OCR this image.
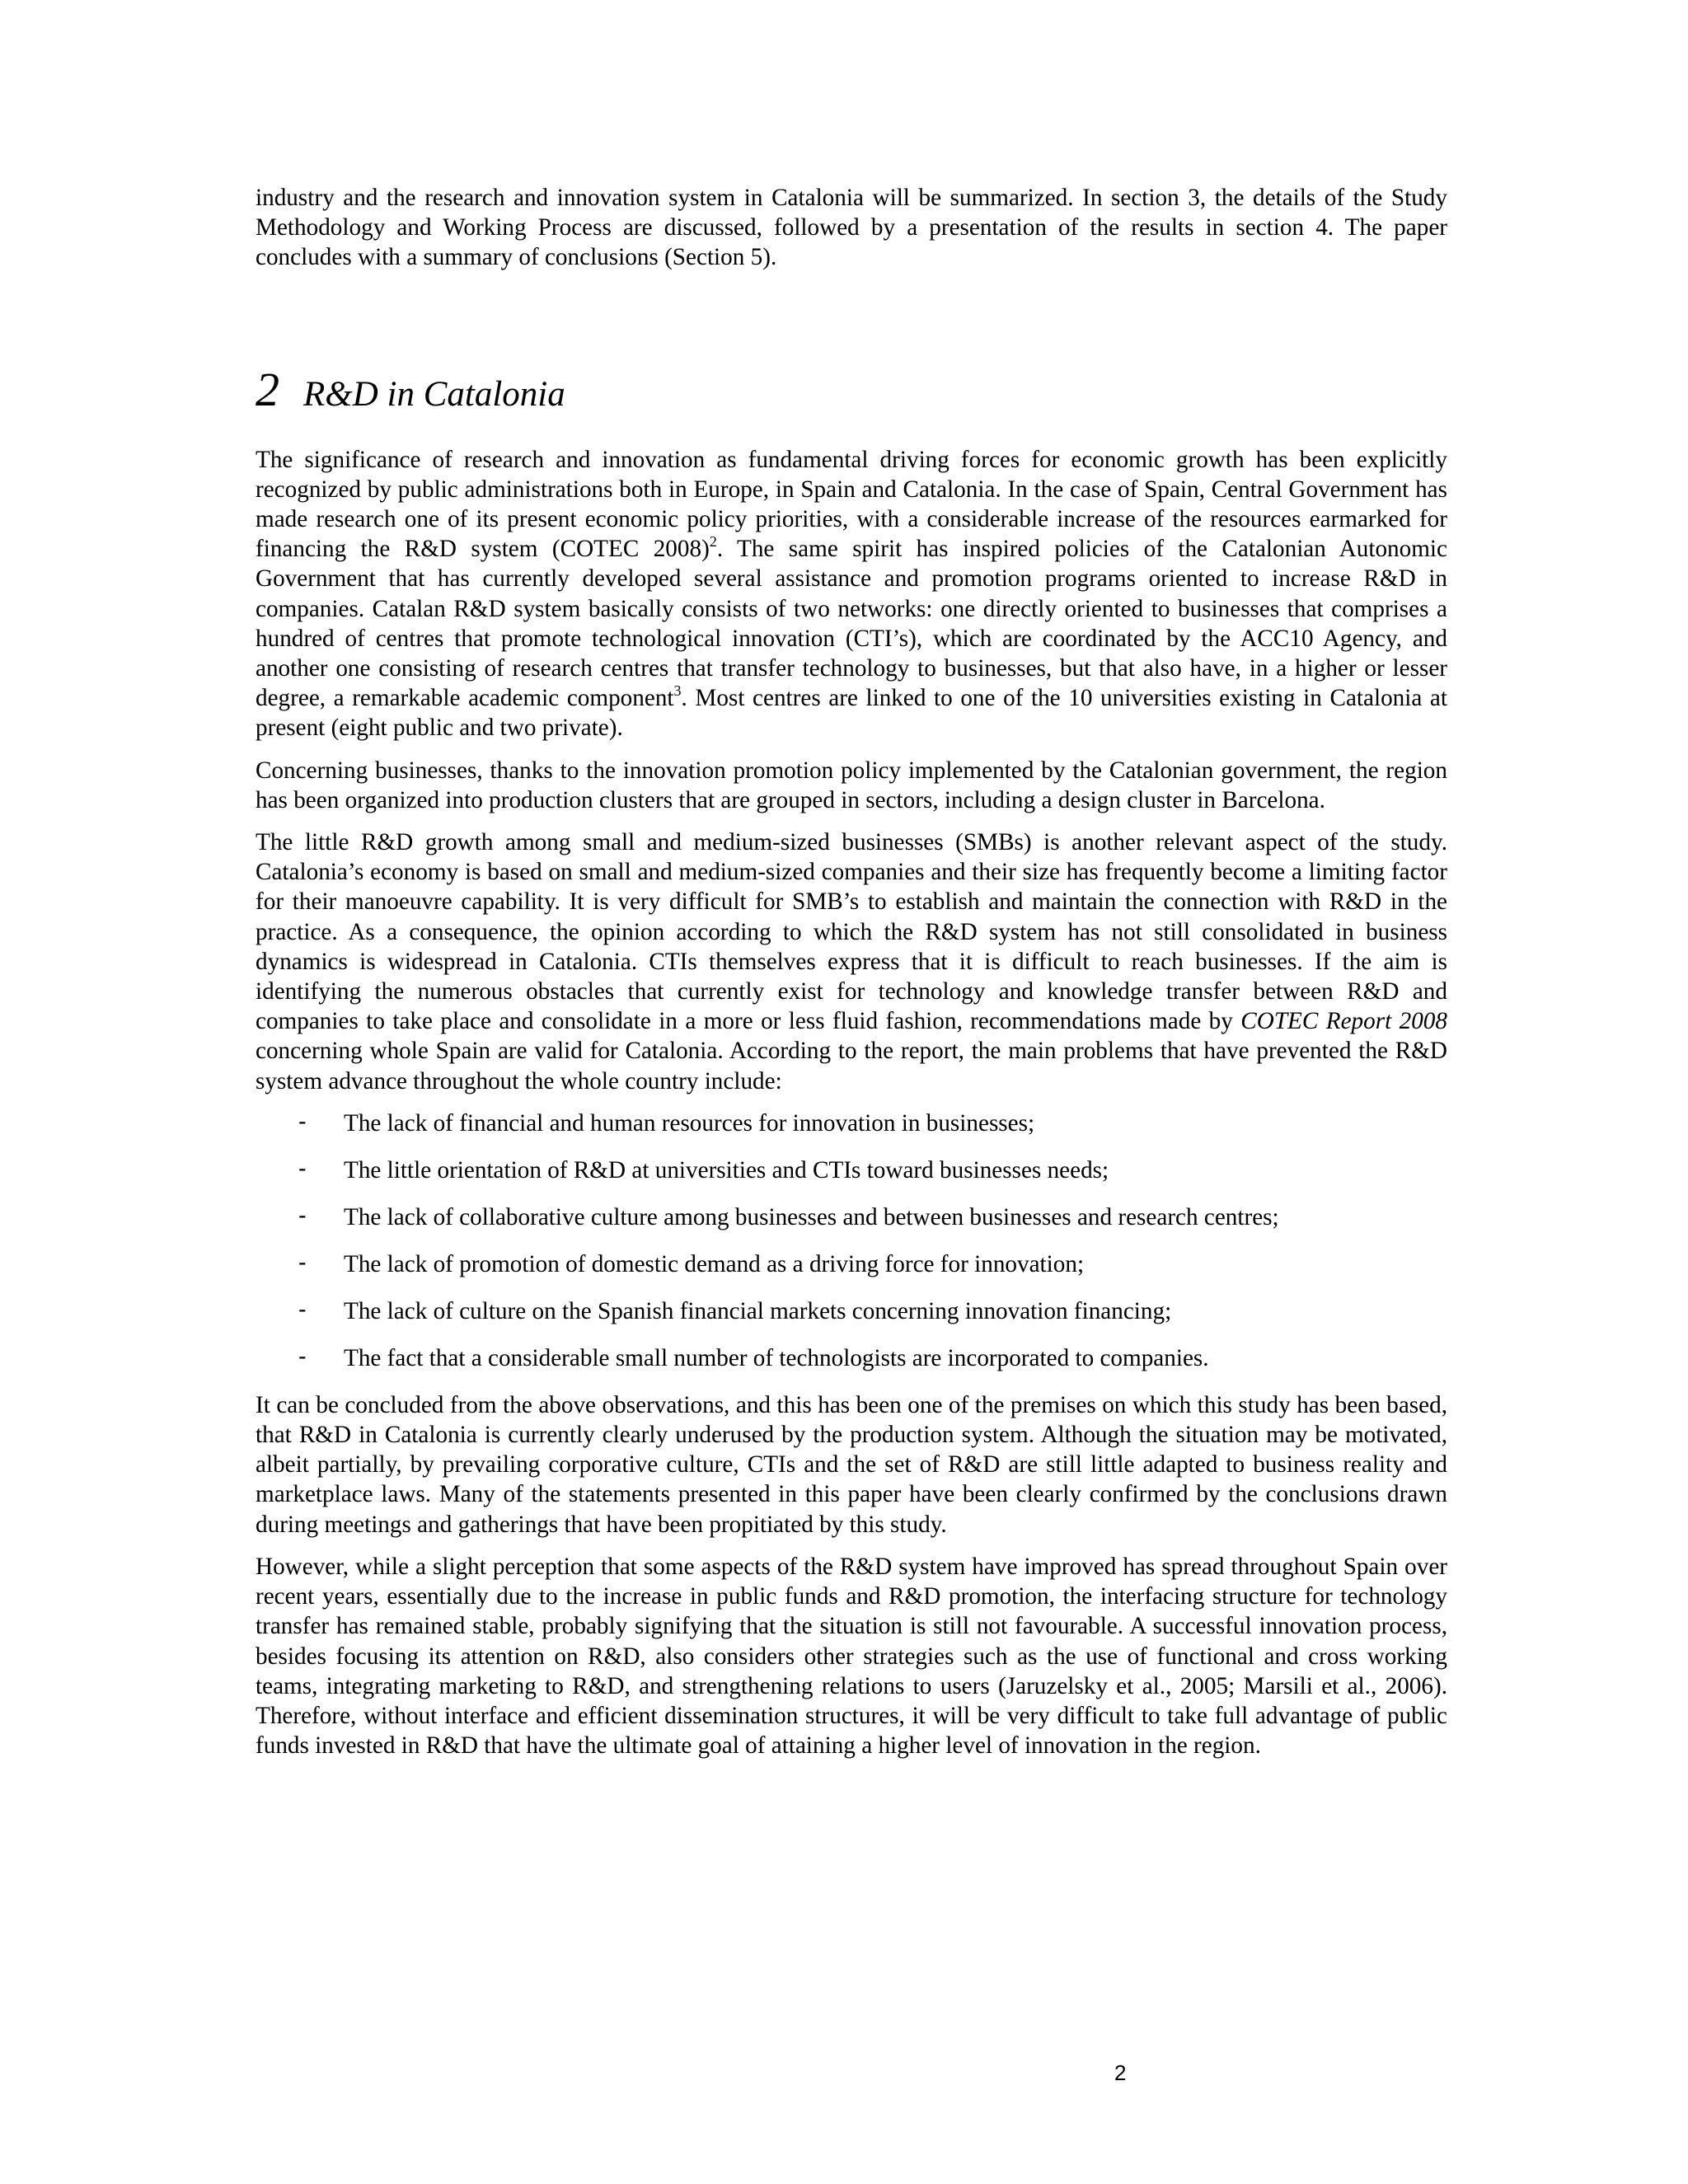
industry and the research and innovation system in Catalonia will be summarized. In section 3, the details of the Study Methodology and Working Process are discussed, followed by a presentation of the results in section 4. The paper concludes with a summary of conclusions (Section 5).

2 R&D in Catalonia

The significance of research and innovation as fundamental driving forces for economic growth has been explicitly recognized by public administrations both in Europe, in Spain and Catalonia. In the case of Spain, Central Government has made research one of its present economic policy priorities, with a considerable increase of the resources earmarked for financing the R&D system (COTEC 2008)$^2$. The same spirit has inspired policies of the Catalonian Autonomic Government that has currently developed several assistance and promotion programs oriented to increase R&D in companies. Catalan R&D system basically consists of two networks: one directly oriented to businesses that comprises a hundred of centres that promote technological innovation (CTI’s), which are coordinated by the ACC10 Agency, and another one consisting of research centres that transfer technology to businesses, but that also have, in a higher or lesser degree, a remarkable academic component$^3$. Most centres are linked to one of the 10 universities existing in Catalonia at present (eight public and two private).

Concerning businesses, thanks to the innovation promotion policy implemented by the Catalonian government, the region has been organized into production clusters that are grouped in sectors, including a design cluster in Barcelona.

The little R&D growth among small and medium-sized businesses (SMBs) is another relevant aspect of the study. Catalonia’s economy is based on small and medium-sized companies and their size has frequently become a limiting factor for their manoeuvre capability. It is very difficult for SMB’s to establish and maintain the connection with R&D in the practice. As a consequence, the opinion according to which the R&D system has not still consolidated in business dynamics is widespread in Catalonia. CTIs themselves express that it is difficult to reach businesses. If the aim is identifying the numerous obstacles that currently exist for technology and knowledge transfer between R&D and companies to take place and consolidate in a more or less fluid fashion, recommendations made by COTEC Report 2008 concerning whole Spain are valid for Catalonia. According to the report, the main problems that have prevented the R&D system advance throughout the whole country include:

- The lack of financial and human resources for innovation in businesses;
- The little orientation of R&D at universities and CTIs toward businesses needs;
- The lack of collaborative culture among businesses and between businesses and research centres;
- The lack of promotion of domestic demand as a driving force for innovation;
- The lack of culture on the Spanish financial markets concerning innovation financing;
- The fact that a considerable small number of technologists are incorporated to companies.

It can be concluded from the above observations, and this has been one of the premises on which this study has been based, that R&D in Catalonia is currently clearly underused by the production system. Although the situation may be motivated, albeit partially, by prevailing corporative culture, CTIs and the set of R&D are still little adapted to business reality and marketplace laws. Many of the statements presented in this paper have been clearly confirmed by the conclusions drawn during meetings and gatherings that have been propitiated by this study.

However, while a slight perception that some aspects of the R&D system have improved has spread throughout Spain over recent years, essentially due to the increase in public funds and R&D promotion, the interfacing structure for technology transfer has remained stable, probably signifying that the situation is still not favourable. A successful innovation process, besides focusing its attention on R&D, also considers other strategies such as the use of functional and cross working teams, integrating marketing to R&D, and strengthening relations to users (Jaruzelsky et al., 2005; Marsili et al., 2006). Therefore, without interface and efficient dissemination structures, it will be very difficult to take full advantage of public funds invested in R&D that have the ultimate goal of attaining a higher level of innovation in the region.

2
